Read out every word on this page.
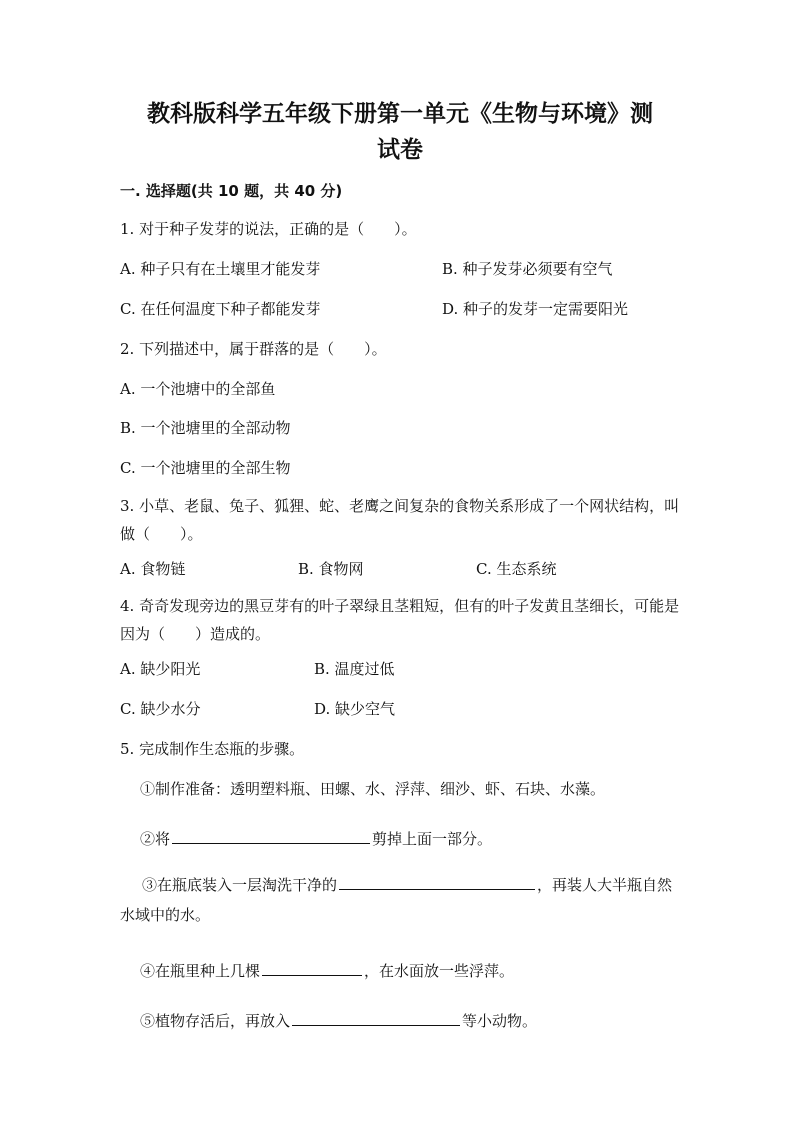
教科版科学五年级下册第一单元《生物与环境》测
试卷
一. 选择题(共 10 题，共 40 分)
1. 对于种子发芽的说法，正确的是（　　）。
A. 种子只有在土壤里才能发芽	B. 种子发芽必须要有空气
C. 在任何温度下种子都能发芽	D. 种子的发芽一定需要阳光
2. 下列描述中，属于群落的是（　　）。
A. 一个池塘中的全部鱼
B. 一个池塘里的全部动物
C. 一个池塘里的全部生物
3. 小草、老鼠、兔子、狐狸、蛇、老鹰之间复杂的食物关系形成了一个网状结构，叫做（　　）。
A. 食物链	B. 食物网	C. 生态系统
4. 奇奇发现旁边的黑豆芽有的叶子翠绿且茎粗短，但有的叶子发黄且茎细长，可能是因为（　　）造成的。
A. 缺少阳光	B. 温度过低
C. 缺少水分	D. 缺少空气
5. 完成制作生态瓶的步骤。
①制作准备：透明塑料瓶、田螺、水、浮萍、细沙、虾、石块、水藻。
②将	剪掉上面一部分。
③在瓶底装入一层淘洗干净的	，再装人大半瓶自然水域中的水。
④在瓶里种上几棵	，在水面放一些浮萍。
⑤植物存活后，再放入	等小动物。
